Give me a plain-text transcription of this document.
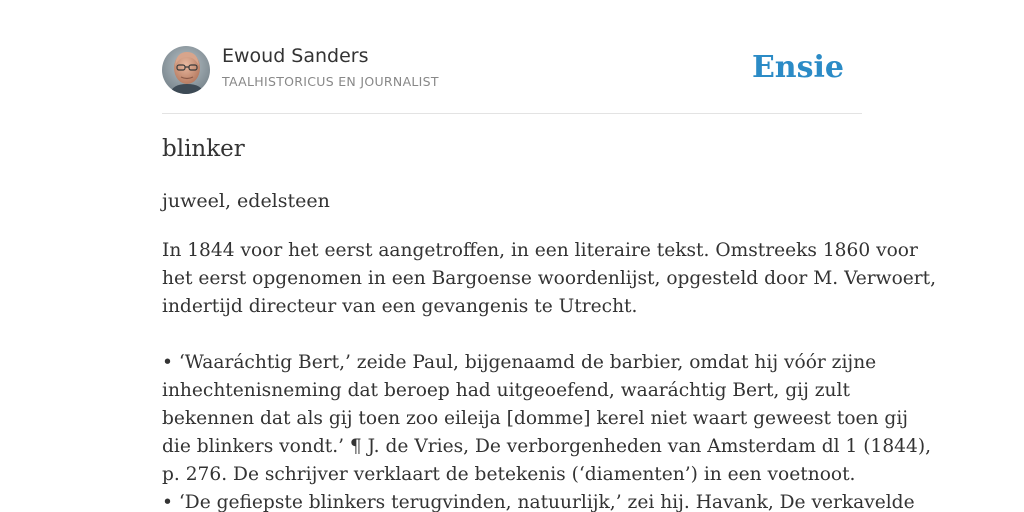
Ewoud Sanders
TAALHISTORICUS EN JOURNALIST	Ensie
blinker
juweel, edelsteen
In 1844 voor het eerst aangetroffen, in een literaire tekst. Omstreeks 1860 voor
het eerst opgenomen in een Bargoense woordenlijst, opgesteld door M. Verwoert,
indertijd directeur van een gevangenis te Utrecht.
• ‘Waaráchtig Bert,’ zeide Paul, bijgenaamd de barbier, omdat hij vóór zijne
inhechtenisneming dat beroep had uitgeoefend, waaráchtig Bert, gij zult
bekennen dat als gij toen zoo eileija [domme] kerel niet waart geweest toen gij
die blinkers vondt.’ ¶ J. de Vries, De verborgenheden van Amsterdam dl 1 (1844),
p. 276. De schrijver verklaart de betekenis (‘diamenten’) in een voetnoot.
• ‘De gefiepste blinkers terugvinden, natuurlijk,’ zei hij. Havank, De verkavelde
